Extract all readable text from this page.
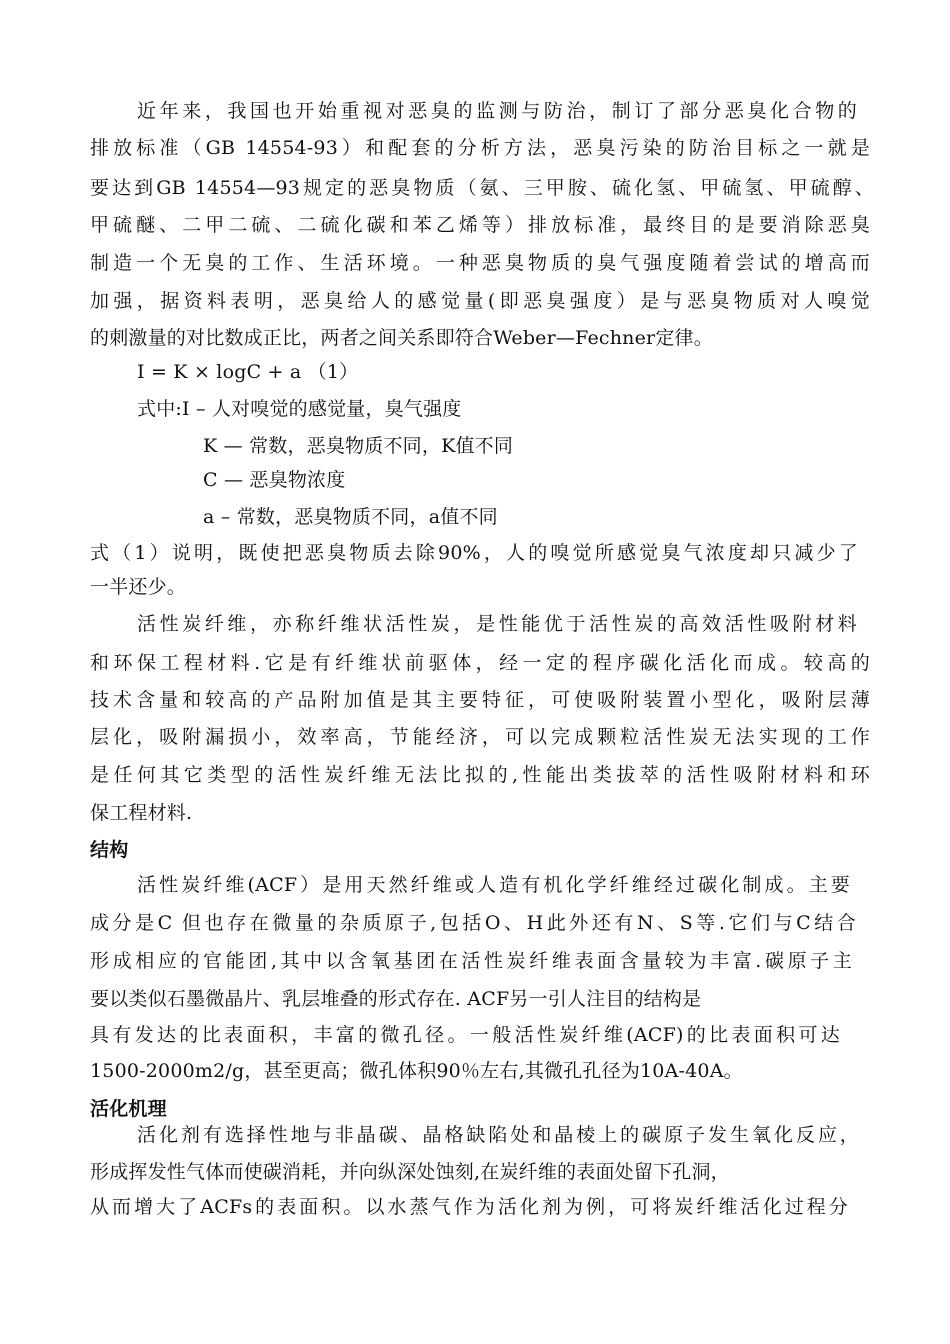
近年来，我国也开始重视对恶臭的监测与防治，制订了部分恶臭化合物的
排放标准（GB 14554-93）和配套的分析方法，恶臭污染的防治目标之一就是
要达到GB 14554—93规定的恶臭物质（氨、三甲胺、硫化氢、甲硫氢、甲硫醇、
甲硫醚、二甲二硫、二硫化碳和苯乙烯等）排放标准，最终目的是要消除恶臭
制造一个无臭的工作、生活环境。一种恶臭物质的臭气强度随着尝试的增高而
加强，据资料表明，恶臭给人的感觉量(即恶臭强度）是与恶臭物质对人嗅觉
的刺激量的对比数成正比，两者之间关系即符合Weber—Fechner定律。
I = K × logC + a （1）
式中:I – 人对嗅觉的感觉量，臭气强度
K — 常数，恶臭物质不同，K值不同
C — 恶臭物浓度
a – 常数，恶臭物质不同，a值不同
式（1）说明，既使把恶臭物质去除90%，人的嗅觉所感觉臭气浓度却只减少了
一半还少。
活性炭纤维，亦称纤维状活性炭，是性能优于活性炭的高效活性吸附材料
和环保工程材料.它是有纤维状前驱体，经一定的程序碳化活化而成。较高的
技术含量和较高的产品附加值是其主要特征，可使吸附装置小型化，吸附层薄
层化，吸附漏损小，效率高，节能经济，可以完成颗粒活性炭无法实现的工作
是任何其它类型的活性炭纤维无法比拟的,性能出类拔萃的活性吸附材料和环
保工程材料.
结构
活性炭纤维(ACF）是用天然纤维或人造有机化学纤维经过碳化制成。主要
成分是C 但也存在微量的杂质原子,包括O、H此外还有N、S等.它们与C结合
形成相应的官能团,其中以含氧基团在活性炭纤维表面含量较为丰富.碳原子主
要以类似石墨微晶片、乳层堆叠的形式存在. ACF另一引人注目的结构是
具有发达的比表面积，丰富的微孔径。一般活性炭纤维(ACF)的比表面积可达
1500-2000m2/g，甚至更高；微孔体积90％左右,其微孔孔径为10A-40A。
活化机理
活化剂有选择性地与非晶碳、晶格缺陷处和晶棱上的碳原子发生氧化反应，
形成挥发性气体而使碳消耗，并向纵深处蚀刻,在炭纤维的表面处留下孔洞，
从而增大了ACFs的表面积。以水蒸气作为活化剂为例，可将炭纤维活化过程分
